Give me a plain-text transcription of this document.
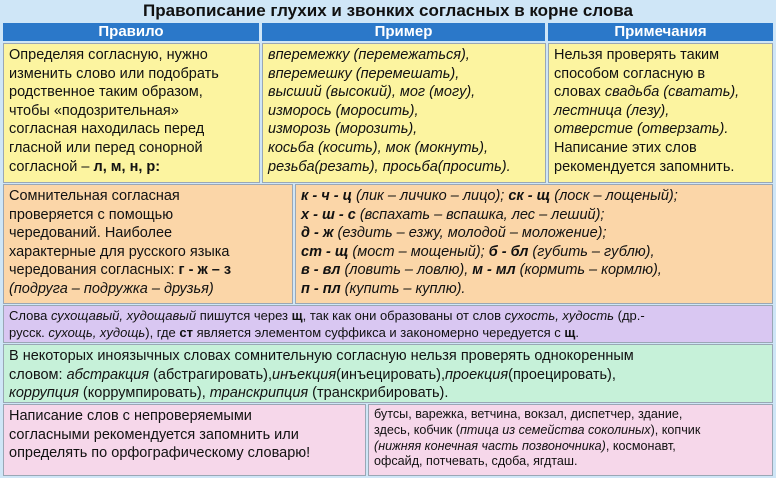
Правописание глухих и звонких согласных в корне слова
Правило	Пример	Примечания
Определяя согласную, нужно
изменить слово или подобрать
родственное таким образом,
чтобы «подозрительная»
согласная находилась перед
гласной или перед сонорной
согласной – л, м, н, р:
вперемежку (перемежаться),
вперемешку (перемешать),
высший (высокий), мог (могу),
изморось (моросить),
изморозь (морозить),
косьба (косить), мок (мокнуть),
резьба(резать), просьба(просить).
Нельзя проверять таким
способом согласную в
словах свадьба (сватать),
лестница (лезу),
отверстие (отверзать).
Написание этих слов
рекомендуется запомнить.
Сомнительная согласная
проверяется с помощью
чередований. Наиболее
характерные для русского языка
чередования согласных: г - ж – з
(подруга – подружка – друзья)
к - ч - ц (лик – личико – лицо); ск - щ (лоск – лощеный);
х - ш - с (вспахать – вспашка, лес – леший);
д - ж (ездить – езжу, молодой – моложение);
ст - щ (мост – мощеный); б - бл (губить – гублю),
в - вл (ловить – ловлю), м - мл (кормить – кормлю),
п - пл (купить – куплю).
Слова сухощавый, худощавый пишутся через щ, так как они образованы от слов сухость, худость (др.-
русск. сухощь, худощь), где ст является элементом суффикса и закономерно чередуется с щ.
В некоторых иноязычных словах сомнительную согласную нельзя проверять однокоренным
словом: абстракция (абстрагировать),инъекция(инъецировать),проекция(проецировать),
коррупция (коррумпировать), транскрипция (транскрибировать).
Написание слов с непроверяемыми
согласными рекомендуется запомнить или
определять по орфографическому словарю!
бутсы, варежка, ветчина, вокзал, диспетчер, здание,
здесь, кобчик (птица из семейства соколиных), копчик
(нижняя конечная часть позвоночника), космонавт,
офсайд, потчевать, сдоба, ягдташ.
